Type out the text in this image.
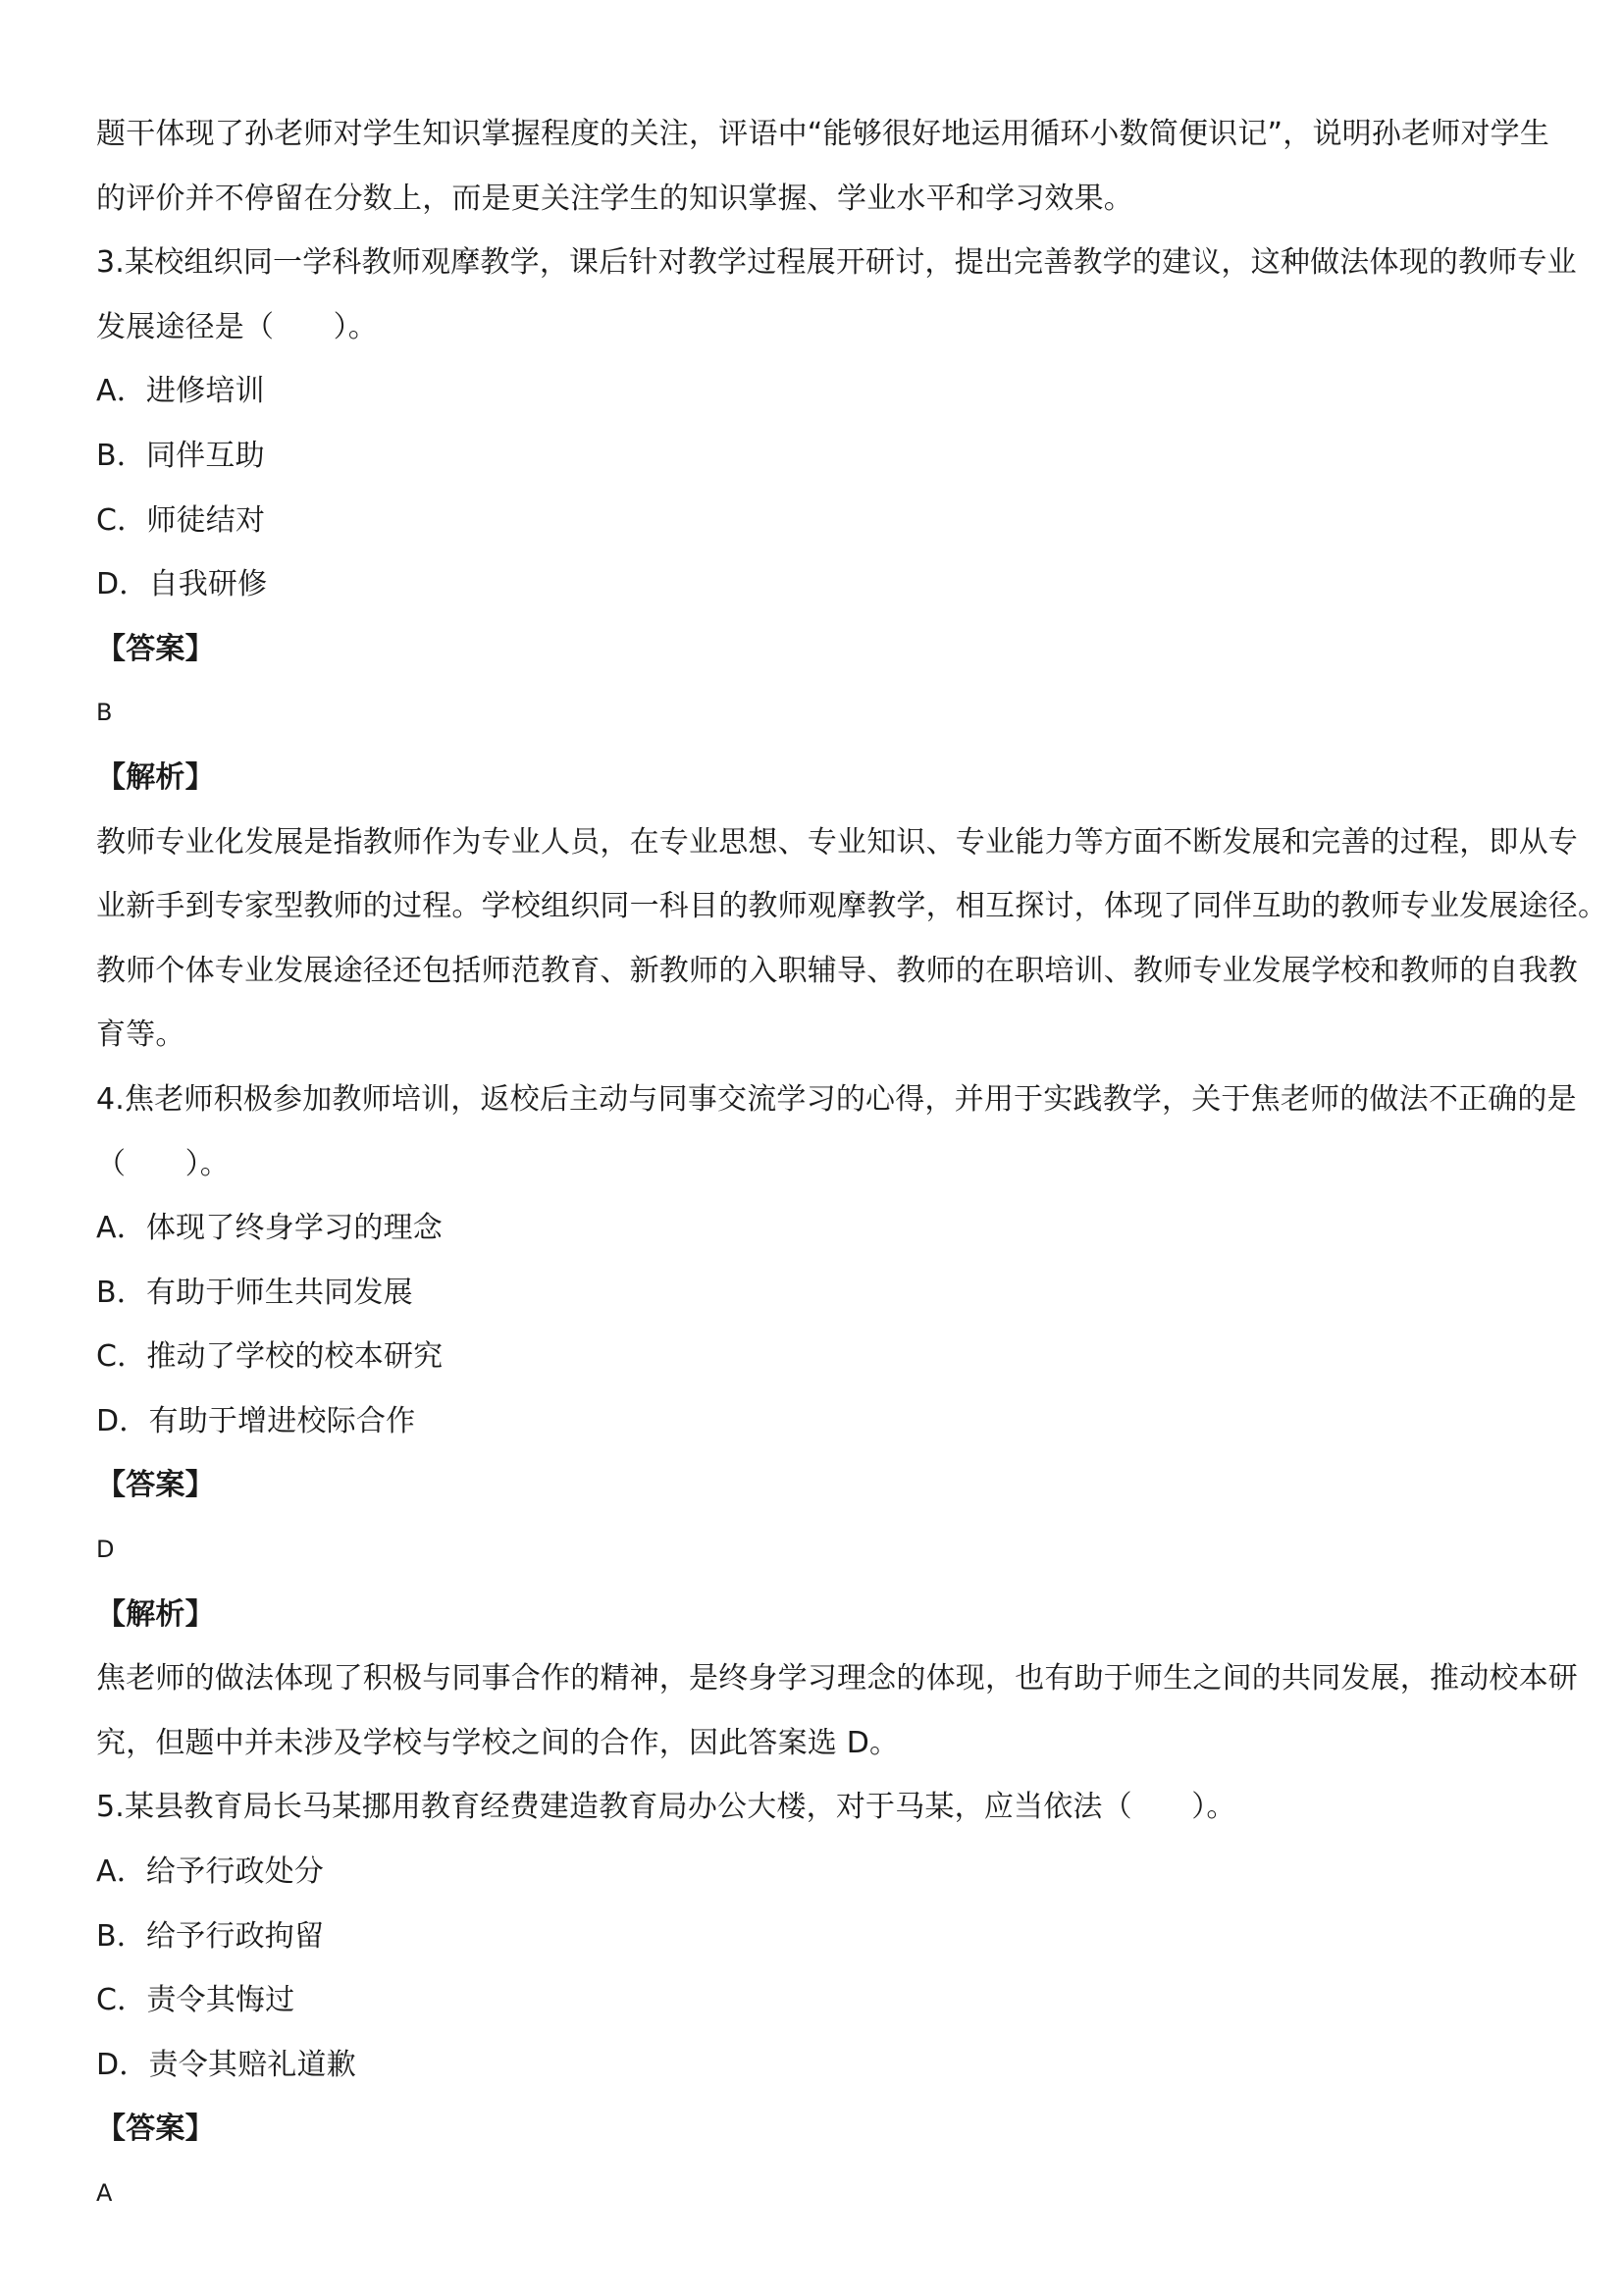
题干体现了孙老师对学生知识掌握程度的关注，评语中“能够很好地运用循环小数简便识记”，说明孙老师对学生
的评价并不停留在分数上，而是更关注学生的知识掌握、学业水平和学习效果。
3.某校组织同一学科教师观摩教学，课后针对教学过程展开研讨，提出完善教学的建议，这种做法体现的教师专业
发展途径是（　　）。
A．进修培训
B．同伴互助
C．师徒结对
D．自我研修
【答案】
B
【解析】
教师专业化发展是指教师作为专业人员，在专业思想、专业知识、专业能力等方面不断发展和完善的过程，即从专
业新手到专家型教师的过程。学校组织同一科目的教师观摩教学，相互探讨，体现了同伴互助的教师专业发展途径。
教师个体专业发展途径还包括师范教育、新教师的入职辅导、教师的在职培训、教师专业发展学校和教师的自我教
育等。
4.焦老师积极参加教师培训，返校后主动与同事交流学习的心得，并用于实践教学，关于焦老师的做法不正确的是
（　　）。
A．体现了终身学习的理念
B．有助于师生共同发展
C．推动了学校的校本研究
D．有助于增进校际合作
【答案】
D
【解析】
焦老师的做法体现了积极与同事合作的精神，是终身学习理念的体现，也有助于师生之间的共同发展，推动校本研
究，但题中并未涉及学校与学校之间的合作，因此答案选 D。
5.某县教育局长马某挪用教育经费建造教育局办公大楼，对于马某，应当依法（　　）。
A．给予行政处分
B．给予行政拘留
C．责令其悔过
D．责令其赔礼道歉
【答案】
A
